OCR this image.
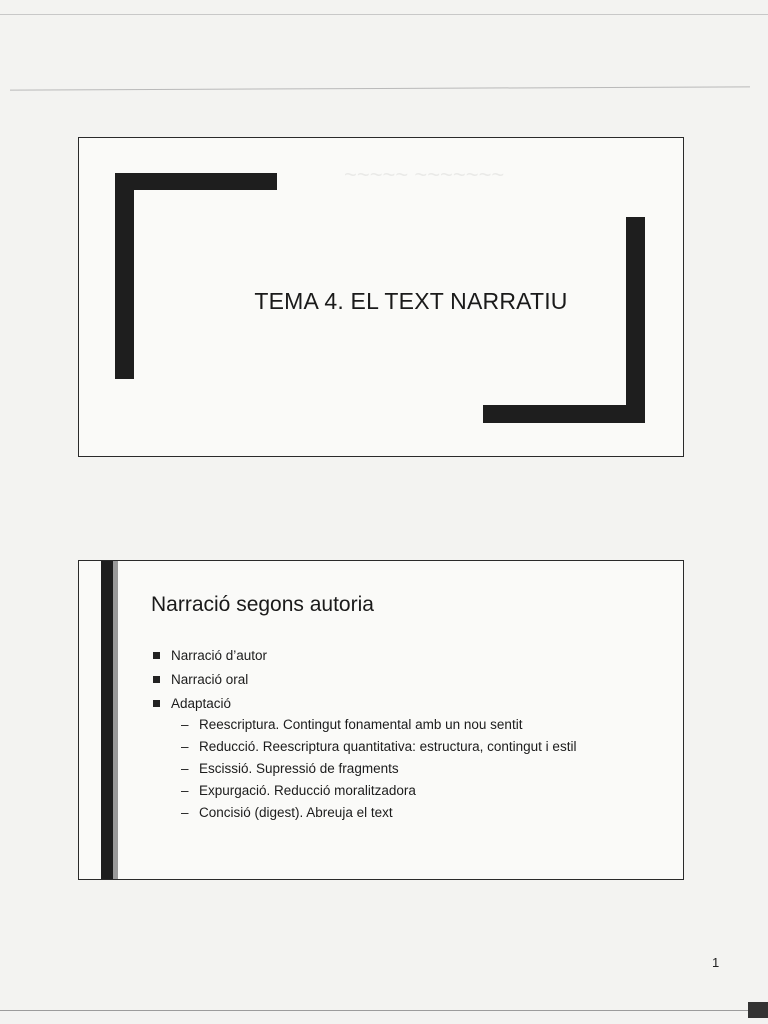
~~~~~ ~~~~~~~
TEMA 4. EL TEXT NARRATIU
Narració segons autoria
Narració d’autor
Narració oral
Adaptació
– Reescriptura. Contingut fonamental amb un nou sentit
– Reducció. Reescriptura quantitativa: estructura, contingut i estil
– Escissió. Supressió de fragments
– Expurgació. Reducció moralitzadora
– Concisió (digest). Abreuja el text
1
